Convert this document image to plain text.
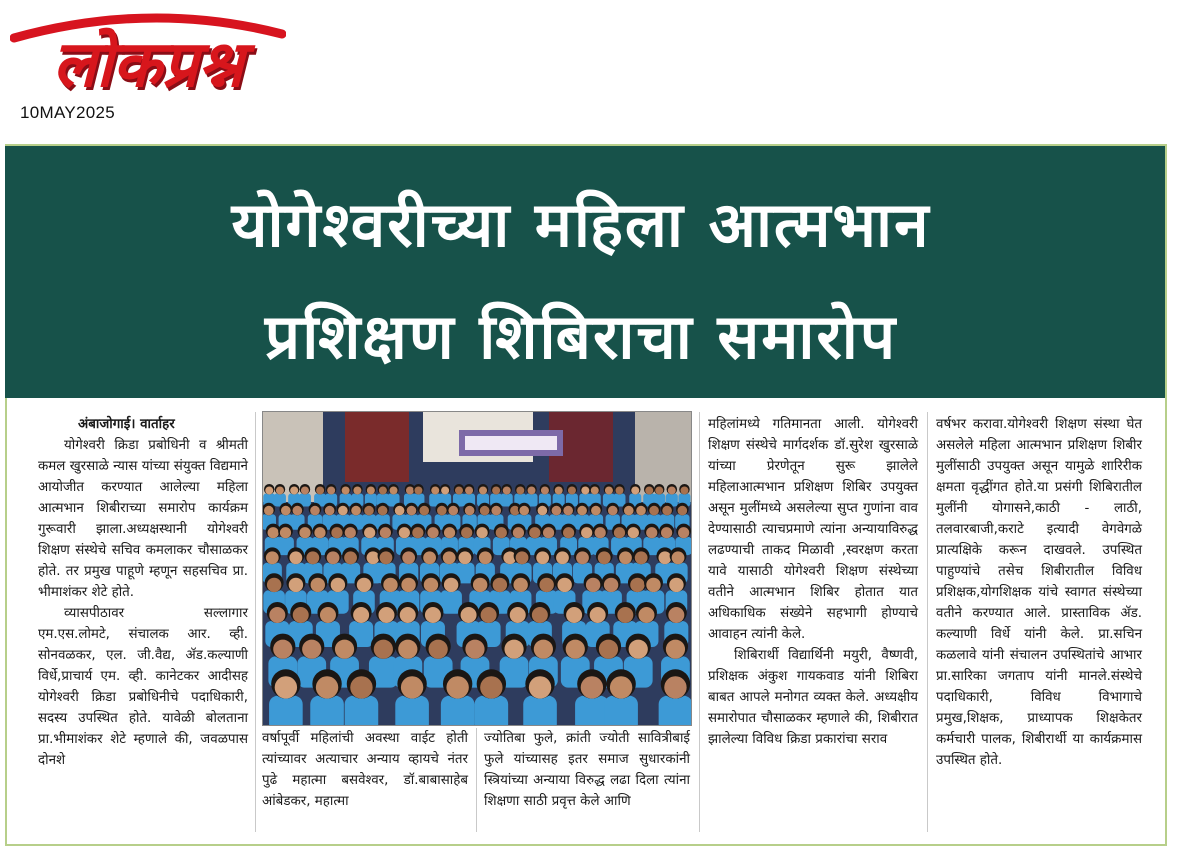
लोकप्रश्न
10MAY2025
योगेश्वरीच्या महिला आत्मभान
प्रशिक्षण शिबिराचा समारोप

अंबाजोगाई। वार्ताहर

योगेश्वरी क्रिडा प्रबोधिनी व श्रीमती कमल खुरसाळे न्यास यांच्या संयुक्त विद्यमाने आयोजीत करण्यात आलेल्या महिला आत्मभान शिबीराच्या समारोप कार्यक्रम गुरूवारी झाला.अध्यक्षस्थानी योगेश्वरी शिक्षण संस्थेचे सचिव कमलाकर चौसाळकर होते. तर प्रमुख पाहूणे म्हणून सहसचिव प्रा. भीमाशंकर शेटे होते.

व्यासपीठावर सल्लागार एम.एस.लोमटे, संचालक आर. व्ही. सोनवळकर, एल. जी.वैद्य, ॲड.कल्याणी विर्धे,प्राचार्य एम. व्ही. कानेटकर आदीसह योगेश्वरी क्रिडा प्रबोधिनीचे पदाधिकारी, सदस्य उपस्थित होते. यावेळी बोलताना प्रा.भीमाशंकर शेटे म्हणाले की, जवळपास दोनशे

वर्षापूर्वी महिलांची अवस्था वाईट होती त्यांच्यावर अत्याचार अन्याय व्हायचे नंतर पुढे महात्मा बसवेश्वर, डॉ.बाबासाहेब आंबेडकर, महात्मा

ज्योतिबा फुले, क्रांती ज्योती सावित्रीबाई फुले यांच्यासह इतर समाज सुधारकांनी स्त्रियांच्या अन्याया विरुद्ध लढा दिला त्यांना शिक्षणा साठी प्रवृत्त केले आणि

महिलांमध्ये गतिमानता आली. योगेश्वरी शिक्षण संस्थेचे मार्गदर्शक डॉ.सुरेश खुरसाळे यांच्या प्रेरणेतून सुरू झालेले महिलाआत्मभान प्रशिक्षण शिबिर उपयुक्त असून मुलींमध्ये असलेल्या सुप्त गुणांना वाव देण्यासाठी त्याचप्रमाणे त्यांना अन्यायाविरुद्ध लढण्याची ताकद मिळावी ,स्वरक्षण करता यावे यासाठी योगेश्वरी शिक्षण संस्थेच्या वतीने आत्मभान शिबिर होतात यात अधिकाधिक संख्येने सहभागी होण्याचे आवाहन त्यांनी केले.

शिबिरार्थी विद्यार्थिनी मयुरी, वैष्णवी, प्रशिक्षक अंकुश गायकवाड यांनी शिबिरा बाबत आपले मनोगत व्यक्त केले. अध्यक्षीय समारोपात चौसाळकर म्हणाले की, शिबीरात झालेल्या विविध क्रिडा प्रकारांचा सराव

वर्षभर करावा.योगेश्वरी शिक्षण संस्था घेत असलेले महिला आत्मभान प्रशिक्षण शिबीर मुलींसाठी उपयुक्त असून यामुळे शारिरीक क्षमता वृद्धींगत होते.या प्रसंगी शिबिरातील मुलींनी योगासने,काठी - लाठी, तलवारबाजी,कराटे इत्यादी वेगवेगळे प्रात्यक्षिके करून दाखवले. उपस्थित पाहुण्यांचे तसेच शिबीरातील विविध प्रशिक्षक,योगशिक्षक यांचे स्वागत संस्थेच्या वतीने करण्यात आले. प्रास्ताविक ॲड. कल्याणी विर्धे यांनी केले. प्रा.सचिन कळलावे यांनी संचालन उपस्थितांचे आभार प्रा.सारिका जगताप यांनी मानले.संस्थेचे पदाधिकारी, विविध विभागाचे प्रमुख,शिक्षक, प्राध्यापक शिक्षकेतर कर्मचारी पालक, शिबीरार्थी या कार्यक्रमास उपस्थित होते.
